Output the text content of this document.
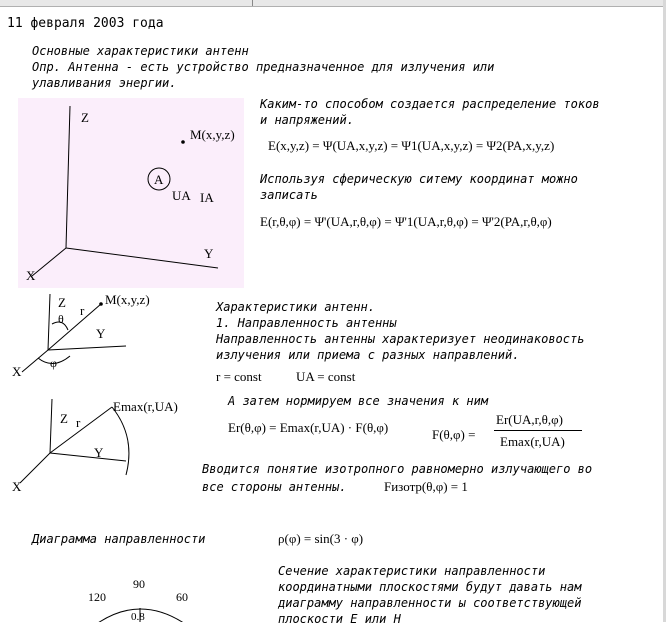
11 февраля 2003 года
Основные характеристики антенн
Опр. Антенна - есть устройство предназначенное для излучения или
улавливания энергии.
Z
X
Y
M(x,y,z)
A
UA IA
Каким-то способом создается распределение токов
и напряжений.
E(x,y,z) = Ψ(UA,x,y,z) = Ψ1(UA,x,y,z) = Ψ2(PA,x,y,z)
Используя сферическую ситему координат можно
записать
E(r,θ,φ) = Ψ'(UA,r,θ,φ) = Ψ'1(UA,r,θ,φ) = Ψ'2(PA,r,θ,φ)
Z
X
Y
r
θ
φ
M(x,y,z)
Z
X
Y
r
Emax(r,UA)
Характеристики антенн.
1. Направленность антенны
Направленность антенны характеризует неодинаковость
излучения или приема с разных направлений.
r = const	UA = const
А затем нормируем все значения к ним
Er(θ,φ) = Emax(r,UA) · F(θ,φ)	F(θ,φ) =
Er(UA,r,θ,φ)
Emax(r,UA)
Вводится понятие изотропного равномерно излучающего во
все стороны антенны.	Fизотр(θ,φ) = 1
Диаграмма направленности	ρ(φ) = sin(3 · φ)
Сечение характеристики направленности
координатными плоскостями будут давать нам
диаграмму направленности ы соответствующей
плоскости E или H
90
120	60
0.8
